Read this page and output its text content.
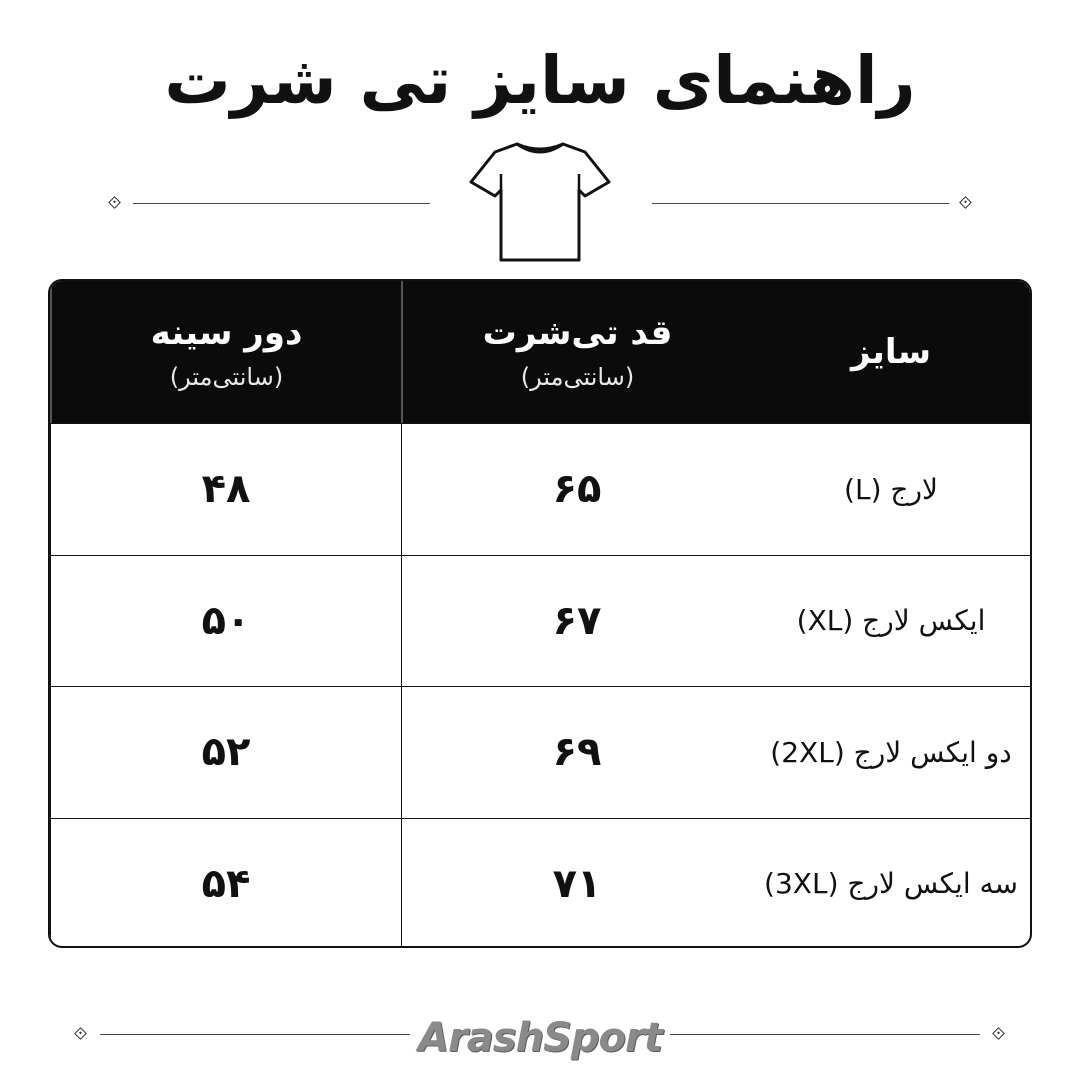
راهنمای سایز تی شرت
سایز
قد تی‌شرت
(سانتی‌متر)
دور سینه
(سانتی‌متر)
لارج (L)
۶۵
۴۸
ایکس لارج (XL)
۶۷
۵۰
دو ایکس لارج (2XL)
۶۹
۵۲
سه ایکس لارج (3XL)
۷۱
۵۴
ArashSport
